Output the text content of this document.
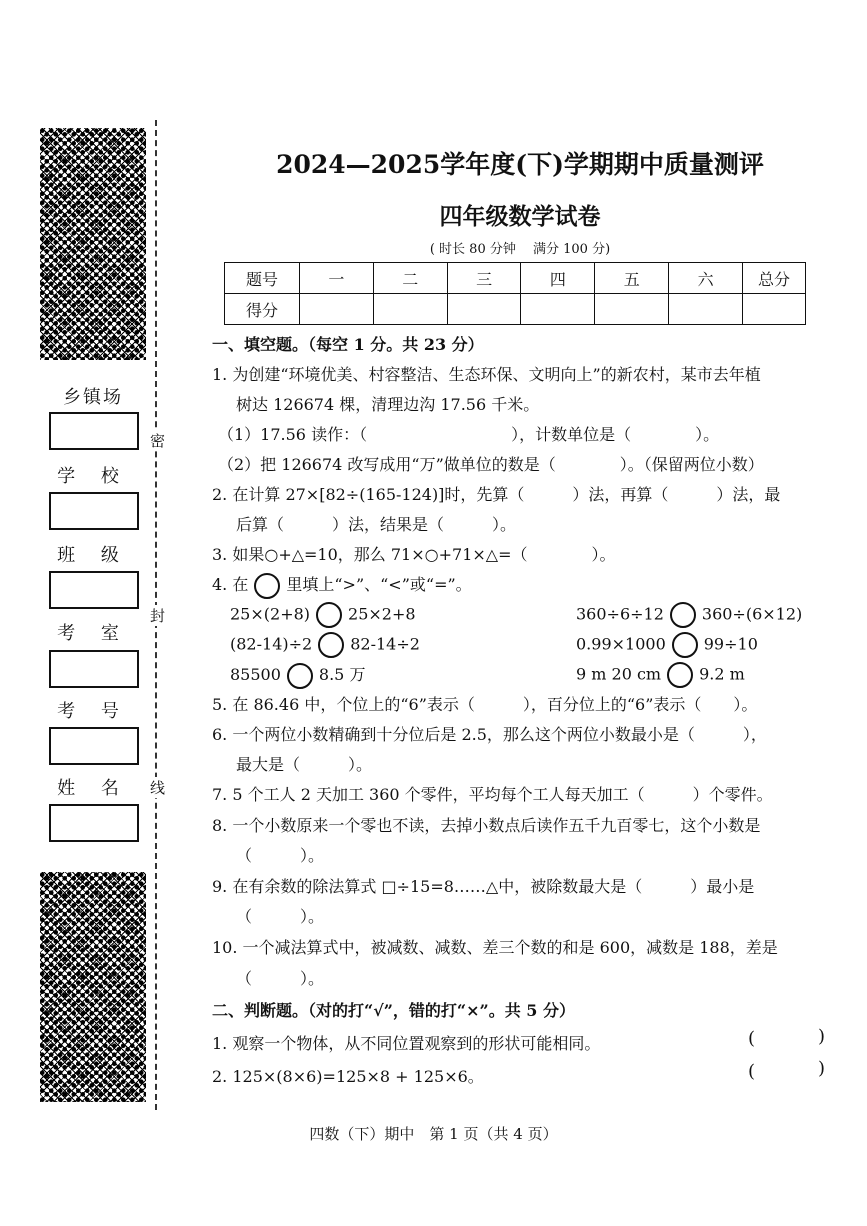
乡镇场
学 校
班 级
考 室
考 号
姓 名
密
封
线
2024—2025学年度(下)学期期中质量测评
四年级数学试卷
( 时长 80 分钟　 满分 100 分)
题号	一	二	三	四	五	六	总分
得分							
一、填空题。（每空 1 分。共 23 分）
1. 为创建“环境优美、村容整洁、生态环保、文明向上”的新农村，某市去年植
树达 126674 棵，清理边沟 17.56 千米。
（1）17.56 读作：（　　　　　　　　　），计数单位是（　　　　）。
（2）把 126674 改写成用“万”做单位的数是（　　　　）。（保留两位小数）
2. 在计算 27×[82÷(165-124)]时，先算（　　　）法，再算（　　　）法，最
后算（　　　）法，结果是（　　　）。
3. 如果○+△=10，那么 71×○+71×△=（　　　　）。
4. 在 里填上“>”、“<”或“=”。
25×(2+8) 25×2+8
(82-14)÷2 82-14÷2
85500 8.5 万
360÷6÷12 360÷(6×12)
0.99×1000 99÷10
9 m 20 cm 9.2 m
5. 在 86.46 中，个位上的“6”表示（　　　），百分位上的“6”表示（　　）。
6. 一个两位小数精确到十分位后是 2.5，那么这个两位小数最小是（　　　），
最大是（　　　）。
7. 5 个工人 2 天加工 360 个零件，平均每个工人每天加工（　　　）个零件。
8. 一个小数原来一个零也不读，去掉小数点后读作五千九百零七，这个小数是
（　　　）。
9. 在有余数的除法算式 □÷15=8……△中，被除数最大是（　　　）最小是
（　　　）。
10. 一个减法算式中，被减数、减数、差三个数的和是 600，减数是 188，差是
（　　　）。
二、判断题。（对的打“√”，错的打“×”。共 5 分）
1. 观察一个物体，从不同位置观察到的形状可能相同。	(	)
2. 125×(8×6)=125×8 + 125×6。	(	)
四数（下）期中　第 1 页（共 4 页）
